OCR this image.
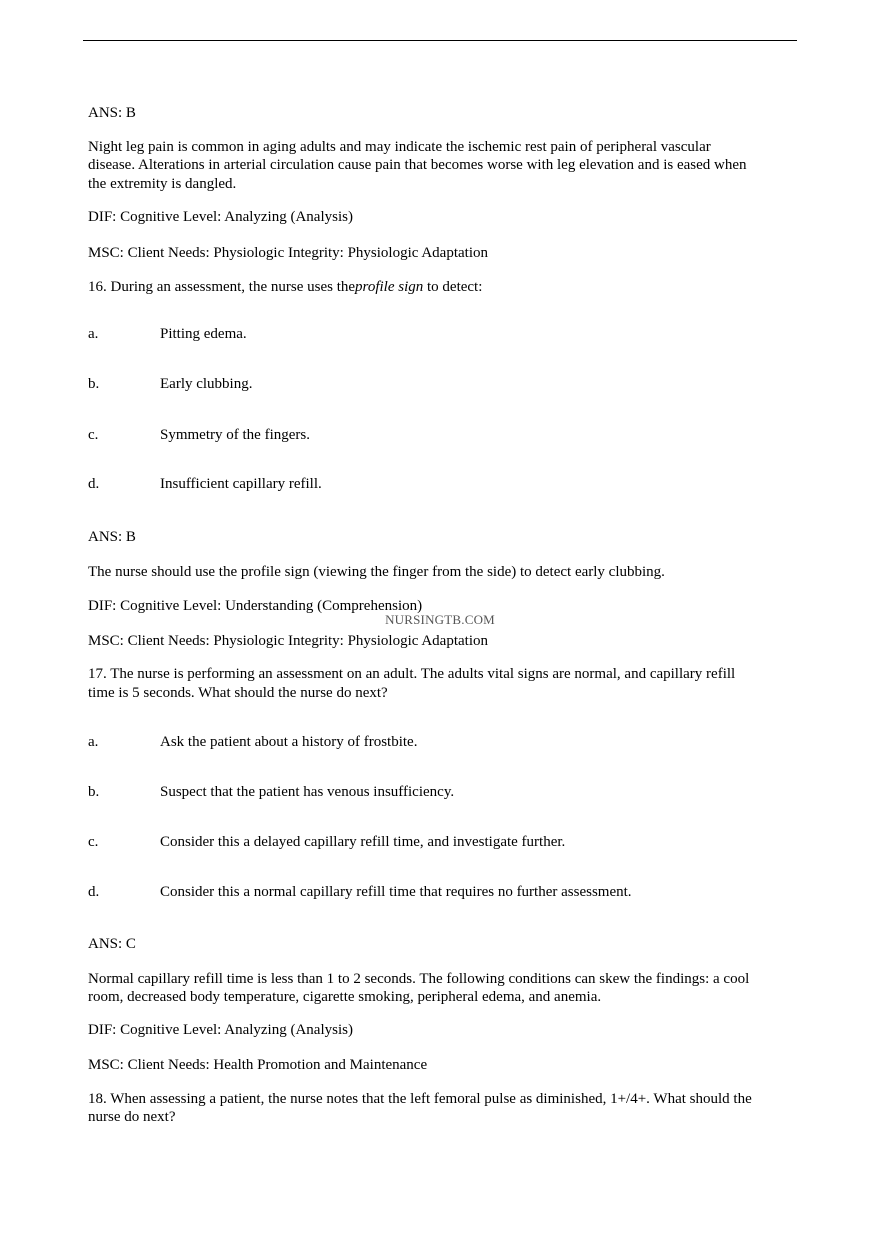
ANS: B
Night leg pain is common in aging adults and may indicate the ischemic rest pain of peripheral vascular
disease. Alterations in arterial circulation cause pain that becomes worse with leg elevation and is eased when
the extremity is dangled.
DIF: Cognitive Level: Analyzing (Analysis)
MSC: Client Needs: Physiologic Integrity: Physiologic Adaptation
16. During an assessment, the nurse uses theprofile sign to detect:
a.	Pitting edema.
b.	Early clubbing.
c.	Symmetry of the fingers.
d.	Insufficient capillary refill.
ANS: B
The nurse should use the profile sign (viewing the finger from the side) to detect early clubbing.
DIF: Cognitive Level: Understanding (Comprehension)
NURSINGTB.COM
MSC: Client Needs: Physiologic Integrity: Physiologic Adaptation
17. The nurse is performing an assessment on an adult. The adults vital signs are normal, and capillary refill
time is 5 seconds. What should the nurse do next?
a.	Ask the patient about a history of frostbite.
b.	Suspect that the patient has venous insufficiency.
c.	Consider this a delayed capillary refill time, and investigate further.
d.	Consider this a normal capillary refill time that requires no further assessment.
ANS: C
Normal capillary refill time is less than 1 to 2 seconds. The following conditions can skew the findings: a cool
room, decreased body temperature, cigarette smoking, peripheral edema, and anemia.
DIF: Cognitive Level: Analyzing (Analysis)
MSC: Client Needs: Health Promotion and Maintenance
18. When assessing a patient, the nurse notes that the left femoral pulse as diminished, 1+/4+. What should the
nurse do next?
